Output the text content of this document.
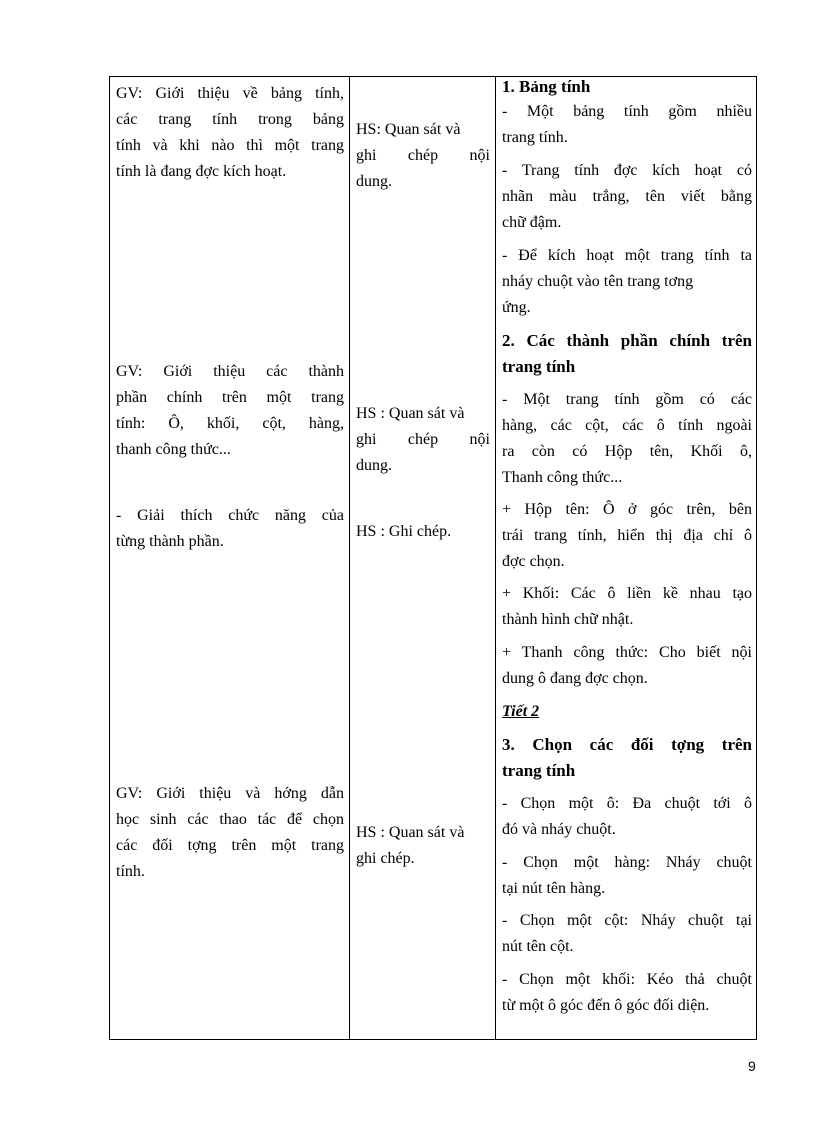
GV: Giới thiệu về bảng tính,

các trang tính trong bảng

tính và khi nào thì một trang

tính là đang đợc kích hoạt.

GV: Giới thiệu các thành

phần chính trên một trang

tính: Ô, khối, cột, hàng,

thanh công thức...

- Giải thích chức năng của

từng thành phần.

GV: Giới thiệu và hớng dẫn

học sinh các thao tác để chọn

các đối tợng trên một trang

tính.

HS: Quan sát và

ghi chép nội

dung.

HS : Quan sát và

ghi chép nội

dung.

HS : Ghi chép.

HS : Quan sát và

ghi chép.

1. Bảng tính

- Một bảng tính gồm nhiều

trang tính.

- Trang tính đợc kích hoạt có

nhãn màu trắng, tên viết bằng

chữ đậm.

- Để kích hoạt một trang tính ta

nháy chuột vào tên trang tơng

ứng.

2. Các thành phần chính trên

trang tính

- Một trang tính gồm có các

hàng, các cột, các ô tính ngoài

ra còn có Hộp tên, Khối ô,

Thanh công thức...

+ Hộp tên: Ô ở góc trên, bên

trái trang tính, hiển thị địa chỉ ô

đợc chọn.

+ Khối: Các ô liền kề nhau tạo

thành hình chữ nhật.

+ Thanh công thức: Cho biết nội

dung ô đang đợc chọn.

Tiết 2

3. Chọn các đối tợng trên

trang tính

- Chọn một ô: Đa chuột tới ô

đó và nháy chuột.

- Chọn một hàng: Nháy chuột

tại nút tên hàng.

- Chọn một cột: Nháy chuột tại

nút tên cột.

- Chọn một khối: Kéo thả chuột

từ một ô góc đến ô góc đối diện.

9
